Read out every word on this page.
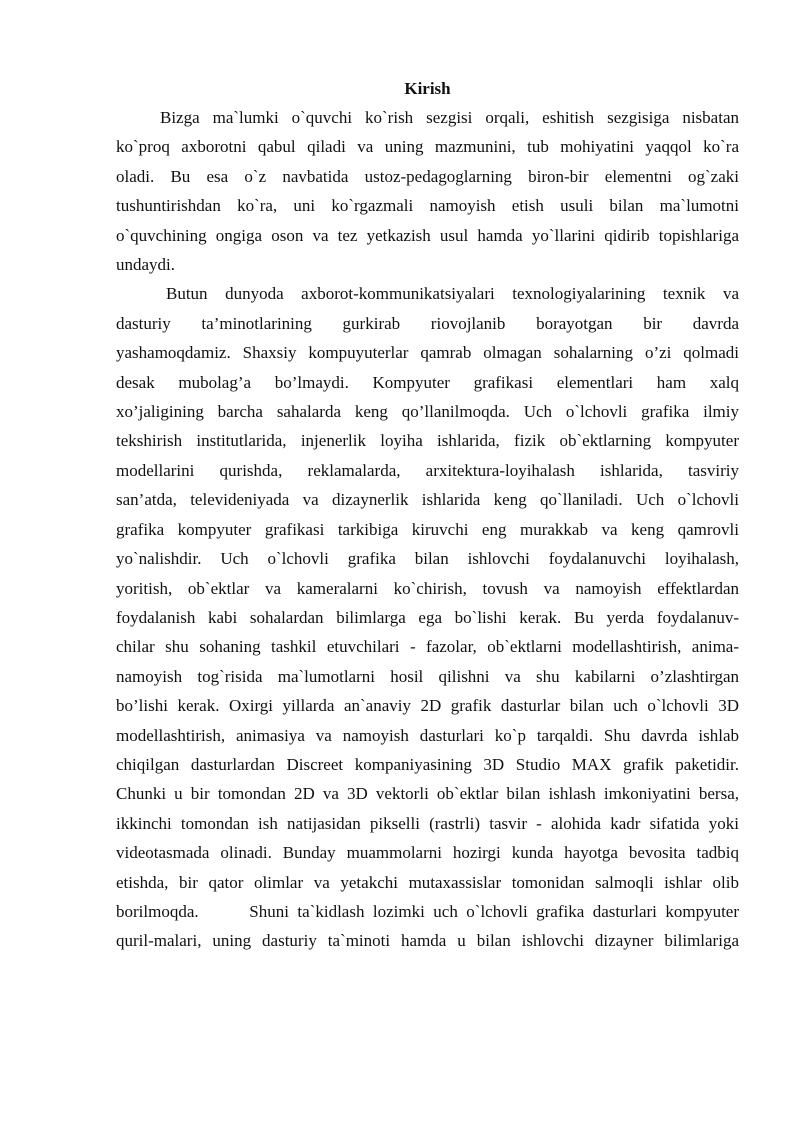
Kirish
Bizga ma`lumki o`quvchi ko`rish sezgisi orqali, eshitish sezgisiga nisbatan
ko`proq axborotni qabul qiladi va uning mazmunini, tub mohiyatini yaqqol ko`ra
oladi. Bu esa o`z navbatida ustoz-pedagoglarning biron-bir elementni og`zaki
tushuntirishdan ko`ra, uni ko`rgazmali namoyish etish usuli bilan ma`lumotni
o`quvchining ongiga oson va tez yetkazish usul hamda yo`llarini qidirib topishlariga
undaydi.
Butun dunyoda axborot-kommunikatsiyalari texnologiyalarining texnik va
dasturiy ta’minotlarining gurkirab riovojlanib borayotgan bir davrda
yashamoqdamiz. Shaxsiy kompuyuterlar qamrab olmagan sohalarning o’zi qolmadi
desak mubolag’a bo’lmaydi. Kompyuter grafikasi elementlari ham xalq
xo’jaligining barcha sahalarda keng qo’llanilmoqda. Uch o`lchovli grafika ilmiy
tekshirish institutlarida, injenerlik loyiha ishlarida, fizik ob`ektlarning kompyuter
modellarini qurishda, reklamalarda, arxitektura-loyihalash ishlarida, tasviriy
san’atda, televideniyada va dizaynerlik ishlarida keng qo`llaniladi. Uch o`lchovli
grafika kompyuter grafikasi tarkibiga kiruvchi eng murakkab va keng qamrovli
yo`nalishdir. Uch o`lchovli grafika bilan ishlovchi foydalanuvchi loyihalash,
yoritish, ob`ektlar va kameralarni ko`chirish, tovush va namoyish effektlardan
foydalanish kabi sohalardan bilimlarga ega bo`lishi kerak. Bu yerda foydalanuv-
chilar shu sohaning tashkil etuvchilari - fazolar, ob`ektlarni modellashtirish, anima-
namoyish tog`risida ma`lumotlarni hosil qilishni va shu kabilarni o’zlashtirgan
bo’lishi kerak. Oxirgi yillarda an`anaviy 2D grafik dasturlar bilan uch o`lchovli 3D
modellashtirish, animasiya va namoyish dasturlari ko`p tarqaldi. Shu davrda ishlab
chiqilgan dasturlardan Discreet kompaniyasining 3D Studio MAX grafik paketidir.
Chunki u bir tomondan 2D va 3D vektorli ob`ektlar bilan ishlash imkoniyatini bersa,
ikkinchi tomondan ish natijasidan pikselli (rastrli) tasvir - alohida kadr sifatida yoki
videotasmada olinadi. Bunday muammolarni hozirgi kunda hayotga bevosita tadbiq
etishda, bir qator olimlar va yetakchi mutaxassislar tomonidan salmoqli ishlar olib
borilmoqda.      Shuni ta`kidlash lozimki uch o`lchovli grafika dasturlari kompyuter
quril-malari, uning dasturiy ta`minoti hamda u bilan ishlovchi dizayner bilimlariga
